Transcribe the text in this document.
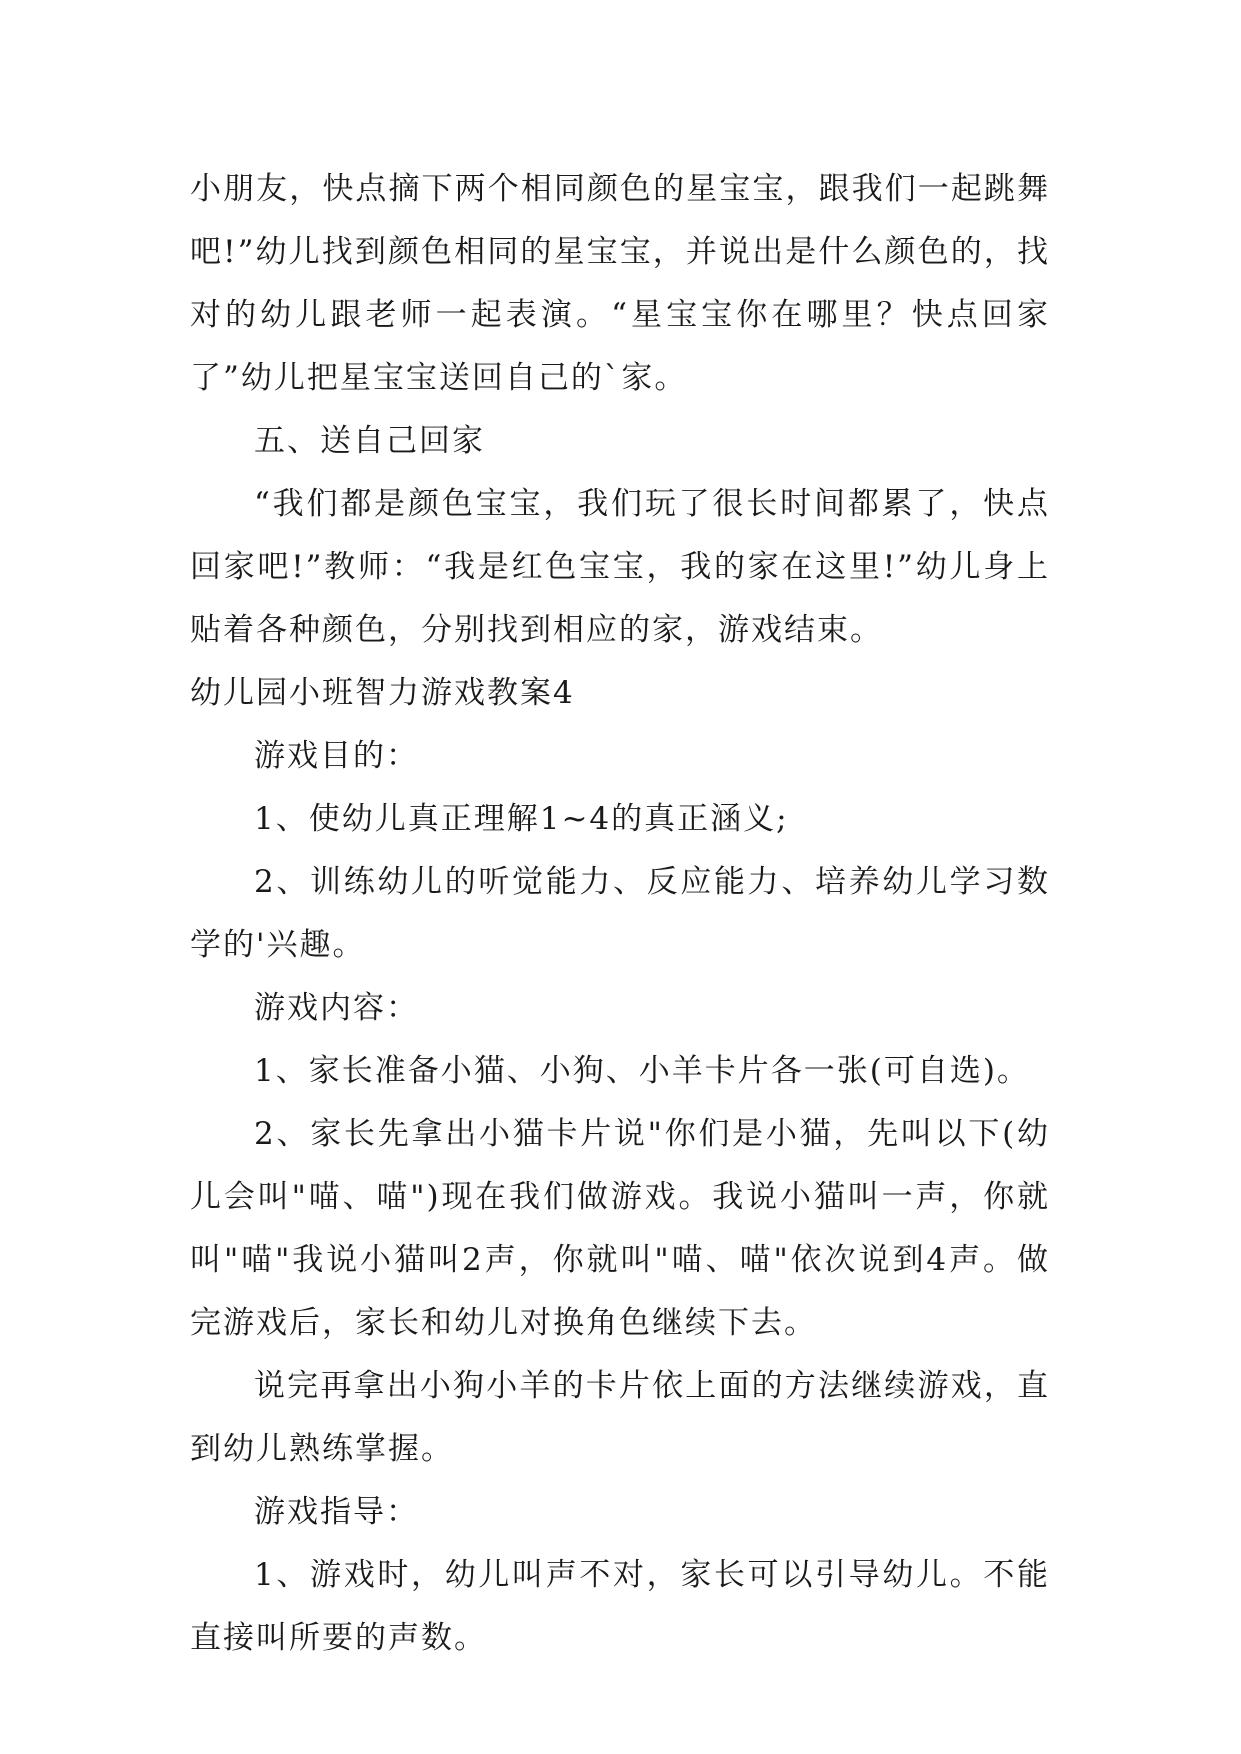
小朋友，快点摘下两个相同颜色的星宝宝，跟我们一起跳舞吧!”幼儿找到颜色相同的星宝宝，并说出是什么颜色的，找对的幼儿跟老师一起表演。“星宝宝你在哪里？快点回家了”幼儿把星宝宝送回自己的`家。

五、送自己回家

“我们都是颜色宝宝，我们玩了很长时间都累了，快点回家吧!”教师：“我是红色宝宝，我的家在这里!”幼儿身上贴着各种颜色，分别找到相应的家，游戏结束。

幼儿园小班智力游戏教案4

游戏目的：

1、使幼儿真正理解1~4的真正涵义;

2、训练幼儿的听觉能力、反应能力、培养幼儿学习数学的'兴趣。

游戏内容：

1、家长准备小猫、小狗、小羊卡片各一张(可自选)。

2、家长先拿出小猫卡片说"你们是小猫，先叫以下(幼儿会叫"喵、喵")现在我们做游戏。我说小猫叫一声，你就叫"喵"我说小猫叫2声，你就叫"喵、喵"依次说到4声。做完游戏后，家长和幼儿对换角色继续下去。

说完再拿出小狗小羊的卡片依上面的方法继续游戏，直到幼儿熟练掌握。

游戏指导：

1、游戏时，幼儿叫声不对，家长可以引导幼儿。不能直接叫所要的声数。
